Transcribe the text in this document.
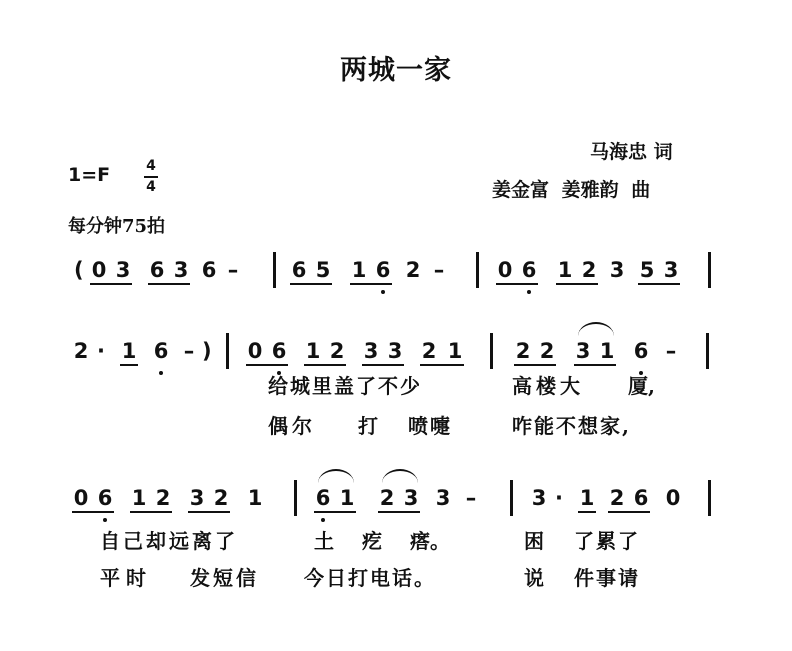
两城一家
马海忠 词
姜金富 姜雅韵 曲
1=F	4
4
每分钟75拍
( 0 3 6 3 6 –	6 5 1 6 2 –	0 6 1 2 3 5 3
)
2 · 1 6 –	0 6 1 2 3 3 2 1	2 2 3 1 6 –
0 6 1 2 3 2 1	6 1 2 3 3 –	3 · 1 2 6 0
给城里盖了不少	高楼大 厦,
偶尔 打 喷嚏	咋能不想家,
自己却远离了	土 疙 瘩。	困 了累了
平时 发短信 今日打电话。	说 件事请
